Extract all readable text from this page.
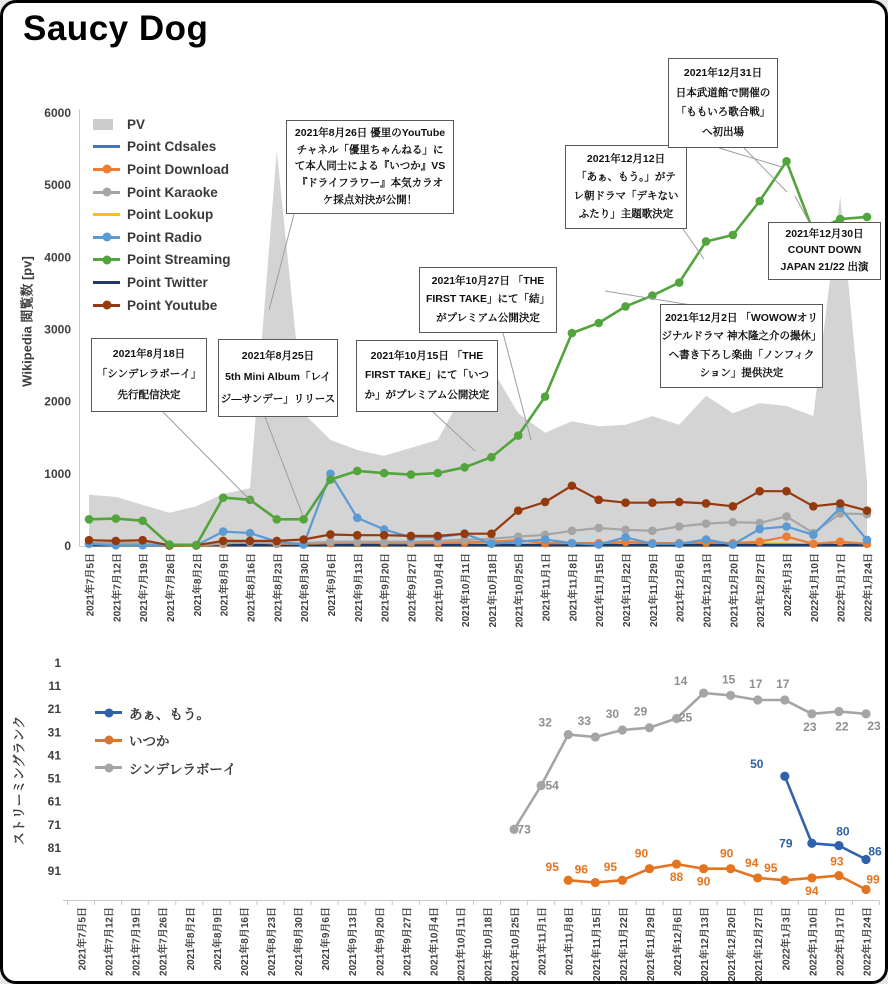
Saucy Dog
Wikipedia 閲覧数 [pv]
0
1000
2000
3000
4000
5000
6000
2021年7月5日 2021年7月12日 2021年7月19日 2021年7月26日 2021年8月2日 2021年8月9日 2021年8月16日 2021年8月23日 2021年8月30日 2021年9月6日 2021年9月13日 2021年9月20日 2021年9月27日 2021年10月4日 2021年10月11日 2021年10月18日 2021年10月25日 2021年11月1日 2021年11月8日 2021年11月15日 2021年11月22日 2021年11月29日 2021年12月6日 2021年12月13日 2021年12月20日 2021年12月27日 2022年1月3日 2022年1月10日 2022年1月17日 2022年1月24日
PV
Point Cdsales
Point Download
Point Karaoke
Point Lookup
Point Radio
Point Streaming
Point Twitter
Point Youtube
2021年8月18日
「シンデレラボーイ」
先行配信決定
2021年8月25日
5th Mini Album「レイ
ジ―サンデー」リリース
2021年8月26日 優里のYouTube
チャネル「優里ちゃんねる」に
て本人同士による『いつか』VS
『ドライフラワー』本気カラオ
ケ採点対決が公開！
2021年10月15日 「THE
FIRST TAKE」にて「いつ
か」がプレミアム公開決定
2021年10月27日 「THE
FIRST TAKE」にて「結」
がプレミアム公開決定
2021年12月12日
「あぁ、もう。」がテ
レ朝ドラマ「デキない
ふたり」主題歌決定
2021年12月31日
日本武道館で開催の
「ももいろ歌合戦」
へ初出場
2021年12月30日
COUNT DOWN
JAPAN 21/22 出演
2021年12月2日 「WOWOWオリ
ジナルドラマ 神木隆之介の撮休」
へ書き下ろし楽曲「ノンフィク
ション」提供決定
ストリーミングランク
1
11
21
31
41
51
61
71
81
91
73
54
32 33 30 29	25
14	15 17 17
23 22 23
95 96 95
90
88 90
90
94 95
94
93
99
50
79
80
86
2021年7月5日 2021年7月12日 2021年7月19日 2021年7月26日 2021年8月2日 2021年8月9日 2021年8月16日 2021年8月23日 2021年8月30日 2021年9月6日 2021年9月13日 2021年9月20日 2021年9月27日 2021年10月4日 2021年10月11日 2021年10月18日 2021年10月25日 2021年11月1日 2021年11月8日 2021年11月15日 2021年11月22日 2021年11月29日 2021年12月6日 2021年12月13日 2021年12月20日 2021年12月27日 2022年1月3日 2022年1月10日 2022年1月17日 2022年1月24日
あぁ、もう。
いつか
シンデレラボーイ
